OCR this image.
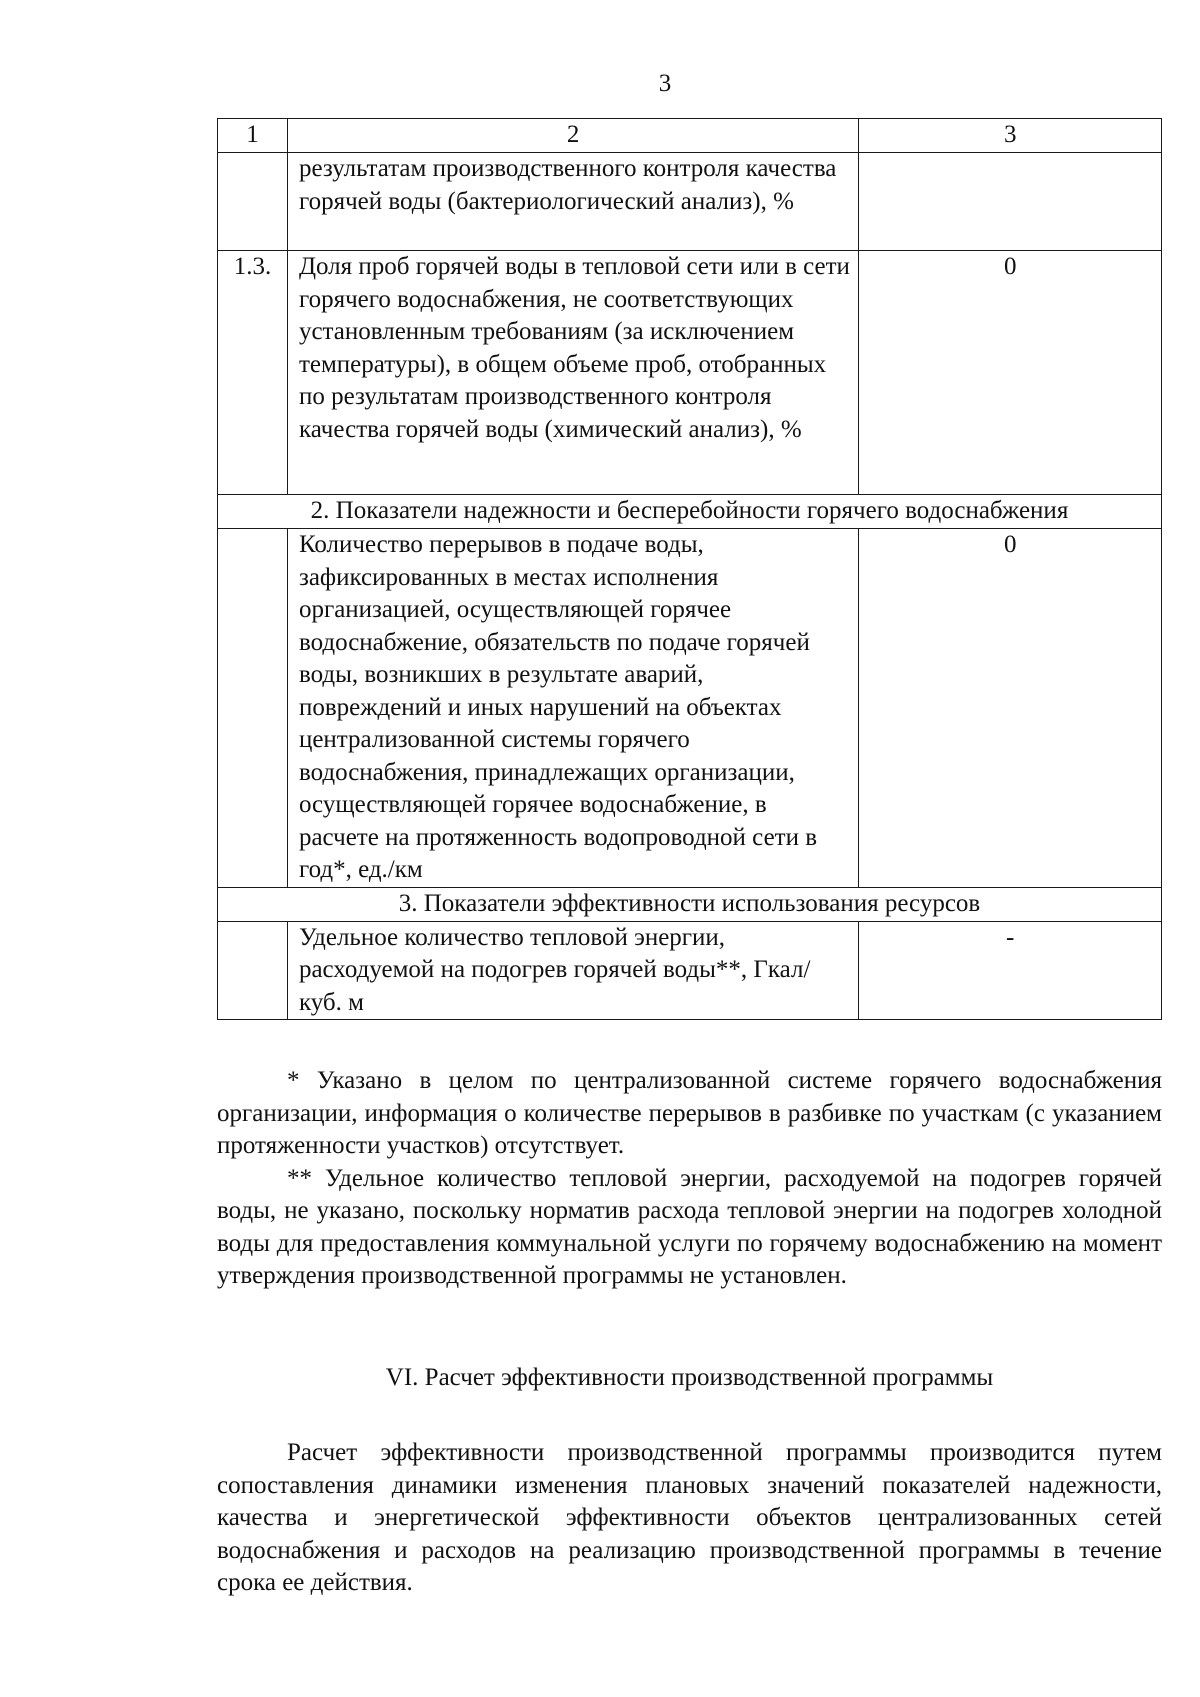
3
1	2	3
	результатам производственного контроля качества горячей воды (бактериологический анализ), %	
1.3.	Доля проб горячей воды в тепловой сети или в сети горячего водоснабжения, не соответствующих установленным требованиям (за исключением температуры), в общем объеме проб, отобранных по результатам производственного контроля качества горячей воды (химический анализ), %	0
2. Показатели надежности и бесперебойности горячего водоснабжения		
	Количество перерывов в подаче воды, зафиксированных в местах исполнения организацией, осуществляющей горячее водоснабжение, обязательств по подаче горячей воды, возникших в результате аварий, повреждений и иных нарушений на объектах централизованной системы горячего водоснабжения, принадлежащих организации, осуществляющей горячее водоснабжение, в расчете на протяженность водопроводной сети в год*, ед./км	0
3. Показатели эффективности использования ресурсов		
	Удельное количество тепловой энергии, расходуемой на подогрев горячей воды**, Гкал/ куб. м	-

* Указано в целом по централизованной системе горячего водоснабжения организации, информация о количестве перерывов в разбивке по участкам (с указанием протяженности участков) отсутствует.

** Удельное количество тепловой энергии, расходуемой на подогрев горячей воды, не указано, поскольку норматив расхода тепловой энергии на подогрев холодной воды для предоставления коммунальной услуги по горячему водоснабжению на момент утверждения производственной программы не установлен.

VI. Расчет эффективности производственной программы

Расчет эффективности производственной программы производится путем сопоставления динамики изменения плановых значений показателей надежности, качества и энергетической эффективности объектов централизованных сетей водоснабжения и расходов на реализацию производственной программы в течение срока ее действия.
